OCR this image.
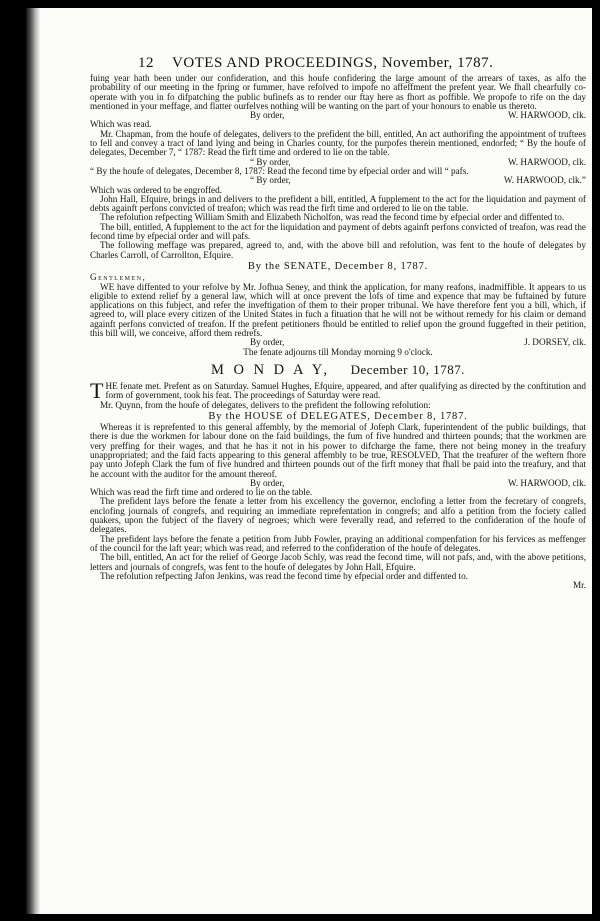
12 VOTES AND PROCEEDINGS, November, 1787.

fuing year hath been under our confideration, and this houfe confidering the large amount of the arrears of taxes, as alfo the probability of our meeting in the fpring or fummer, have refolved to impofe no affeffment the prefent year. We fhall chearfully co-operate with you in fo difpatching the public bufinefs as to render our ftay here as fhort as poffible. We propofe to rife on the day mentioned in your meffage, and flatter ourfelves nothing will be wanting on the part of your honours to enable us thereto.

By order,	W. HARWOOD, clk.

Which was read.

Mr. Chapman, from the houfe of delegates, delivers to the prefident the bill, entitled, An act authorifing the appointment of truftees to fell and convey a tract of land lying and being in Charles county, for the purpofes therein mentioned, endorfed; “ By the houfe of delegates, December 7, “ 1787: Read the firft time and ordered to lie on the table.

“ By order,	W. HARWOOD, clk.

“ By the houfe of delegates, December 8, 1787: Read the fecond time by efpecial order and will “ pafs.

“ By order,	W. HARWOOD, clk.”

Which was ordered to be engroffed.

John Hall, Efquire, brings in and delivers to the prefident a bill, entitled, A fupplement to the act for the liquidation and payment of debts againft perfons convicted of treafon; which was read the firft time and ordered to lie on the table.

The refolution refpecting William Smith and Elizabeth Nicholfon, was read the fecond time by efpecial order and diffented to.

The bill, entitled, A fupplement to the act for the liquidation and payment of debts againft perfons convicted of treafon, was read the fecond time by efpecial order and will pafs.

The following meffage was prepared, agreed to, and, with the above bill and refolution, was fent to the houfe of delegates by Charles Carroll, of Carrollton, Efquire.

By the SENATE, December 8, 1787.

Gentlemen,

WE have diffented to your refolve by Mr. Jofhua Seney, and think the application, for many reafons, inadmiffible. It appears to us eligible to extend relief by a general law, which will at once prevent the lofs of time and expence that may be fuftained by future applications on this fubject, and refer the inveftigation of them to their proper tribunal. We have therefore fent you a bill, which, if agreed to, will place every citizen of the United States in fuch a fituation that he will not be without remedy for his claim or demand againft perfons convicted of treafon. If the prefent petitioners fhould be entitled to relief upon the ground fuggefted in their petition, this bill will, we conceive, afford them redrefs.

By order,	J. DORSEY, clk.

The fenate adjourns till Monday morning 9 o'clock.

M O N D A Y, December 10, 1787.

T HE fenate met. Prefent as on Saturday. Samuel Hughes, Efquire, appeared, and after qualifying as directed by the conftitution and form of government, took his feat. The proceedings of Saturday were read.

Mr. Quynn, from the houfe of delegates, delivers to the prefident the following refolution:

By the HOUSE of DELEGATES, December 8, 1787.

Whereas it is reprefented to this general affembly, by the memorial of Jofeph Clark, fuperintendent of the public buildings, that there is due the workmen for labour done on the faid buildings, the fum of five hundred and thirteen pounds; that the workmen are very preffing for their wages, and that he has it not in his power to difcharge the fame, there not being money in the treafury unappropriated; and the faid facts appearing to this general affembly to be true, RESOLVED, That the treafurer of the weftern fhore pay unto Jofeph Clark the fum of five hundred and thirteen pounds out of the firft money that fhall be paid into the treafury, and that he account with the auditor for the amount thereof.

By order,	W. HARWOOD, clk.

Which was read the firft time and ordered to lie on the table.

The prefident lays before the fenate a letter from his excellency the governor, enclofing a letter from the fecretary of congrefs, enclofing journals of congrefs, and requiring an immediate reprefentation in congrefs; and alfo a petition from the fociety called quakers, upon the fubject of the flavery of negroes; which were feverally read, and referred to the confideration of the houfe of delegates.

The prefident lays before the fenate a petition from Jubb Fowler, praying an additional compenfation for his fervices as meffenger of the council for the laft year; which was read, and referred to the confideration of the houfe of delegates.

The bill, entitled, An act for the relief of George Jacob Schly, was read the fecond time, will not pafs, and, with the above petitions, letters and journals of congrefs, was fent to the houfe of delegates by John Hall, Efquire.

The refolution refpecting Jafon Jenkins, was read the fecond time by efpecial order and diffented to.

Mr.
